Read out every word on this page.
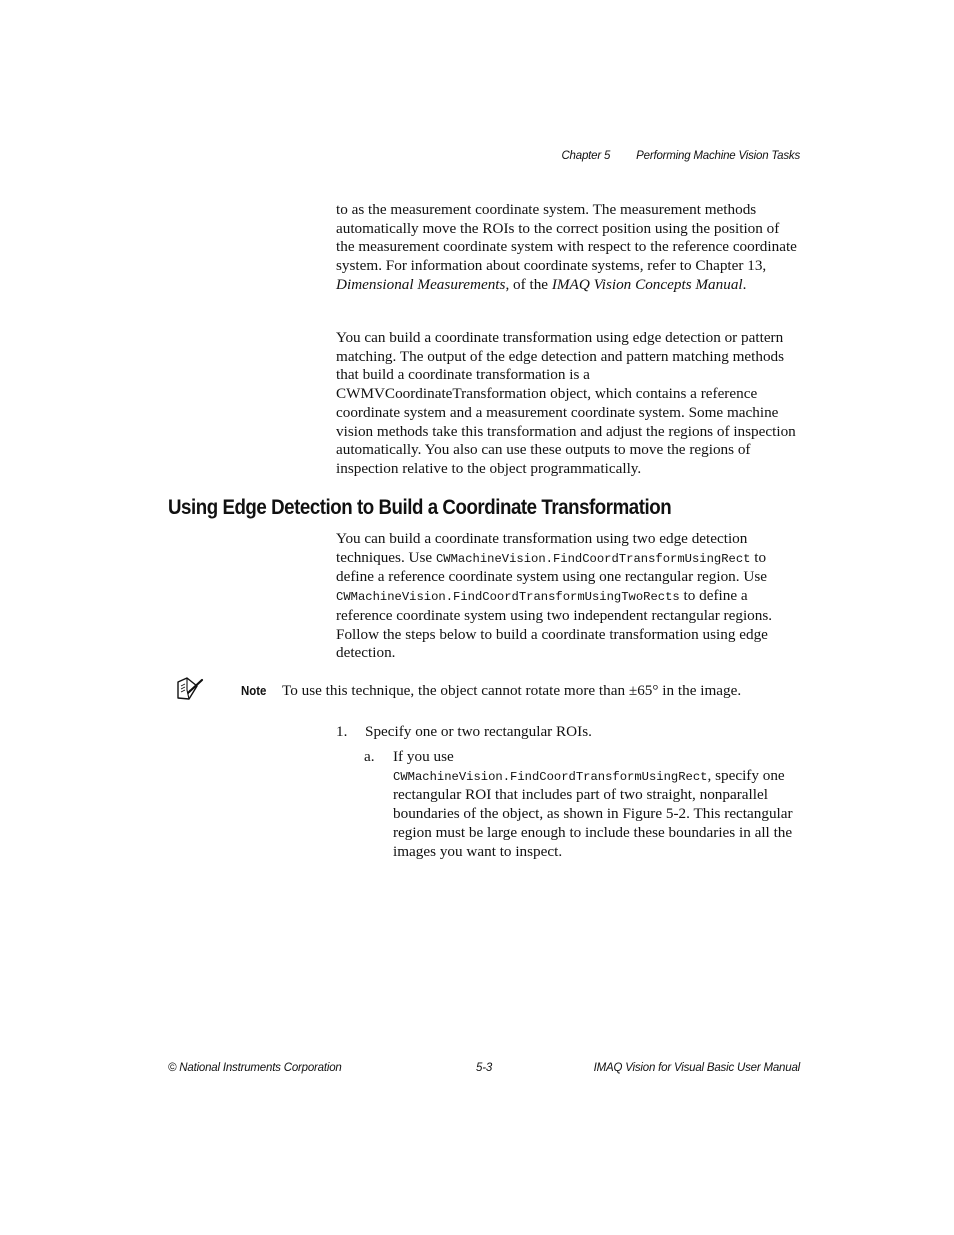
Chapter 5 Performing Machine Vision Tasks

to as the measurement coordinate system. The measurement methods automatically move the ROIs to the correct position using the position of the measurement coordinate system with respect to the reference coordinate system. For information about coordinate systems, refer to Chapter 13, Dimensional Measurements, of the IMAQ Vision Concepts Manual.

You can build a coordinate transformation using edge detection or pattern matching. The output of the edge detection and pattern matching methods that build a coordinate transformation is a CWMVCoordinateTransformation object, which contains a reference coordinate system and a measurement coordinate system. Some machine vision methods take this transformation and adjust the regions of inspection automatically. You also can use these outputs to move the regions of inspection relative to the object programmatically.

Using Edge Detection to Build a Coordinate Transformation

You can build a coordinate transformation using two edge detection techniques. Use CWMachineVision.FindCoordTransformUsingRect to define a reference coordinate system using one rectangular region. Use CWMachineVision.FindCoordTransformUsingTwoRects to define a reference coordinate system using two independent rectangular regions. Follow the steps below to build a coordinate transformation using edge detection.

Note To use this technique, the object cannot rotate more than ±65° in the image.
1. Specify one or two rectangular ROIs.
a. If you use
CWMachineVision.FindCoordTransformUsingRect, specify one rectangular ROI that includes part of two straight, nonparallel boundaries of the object, as shown in Figure 5-2. This rectangular region must be large enough to include these boundaries in all the images you want to inspect.
© National Instruments Corporation	5-3	IMAQ Vision for Visual Basic User Manual
